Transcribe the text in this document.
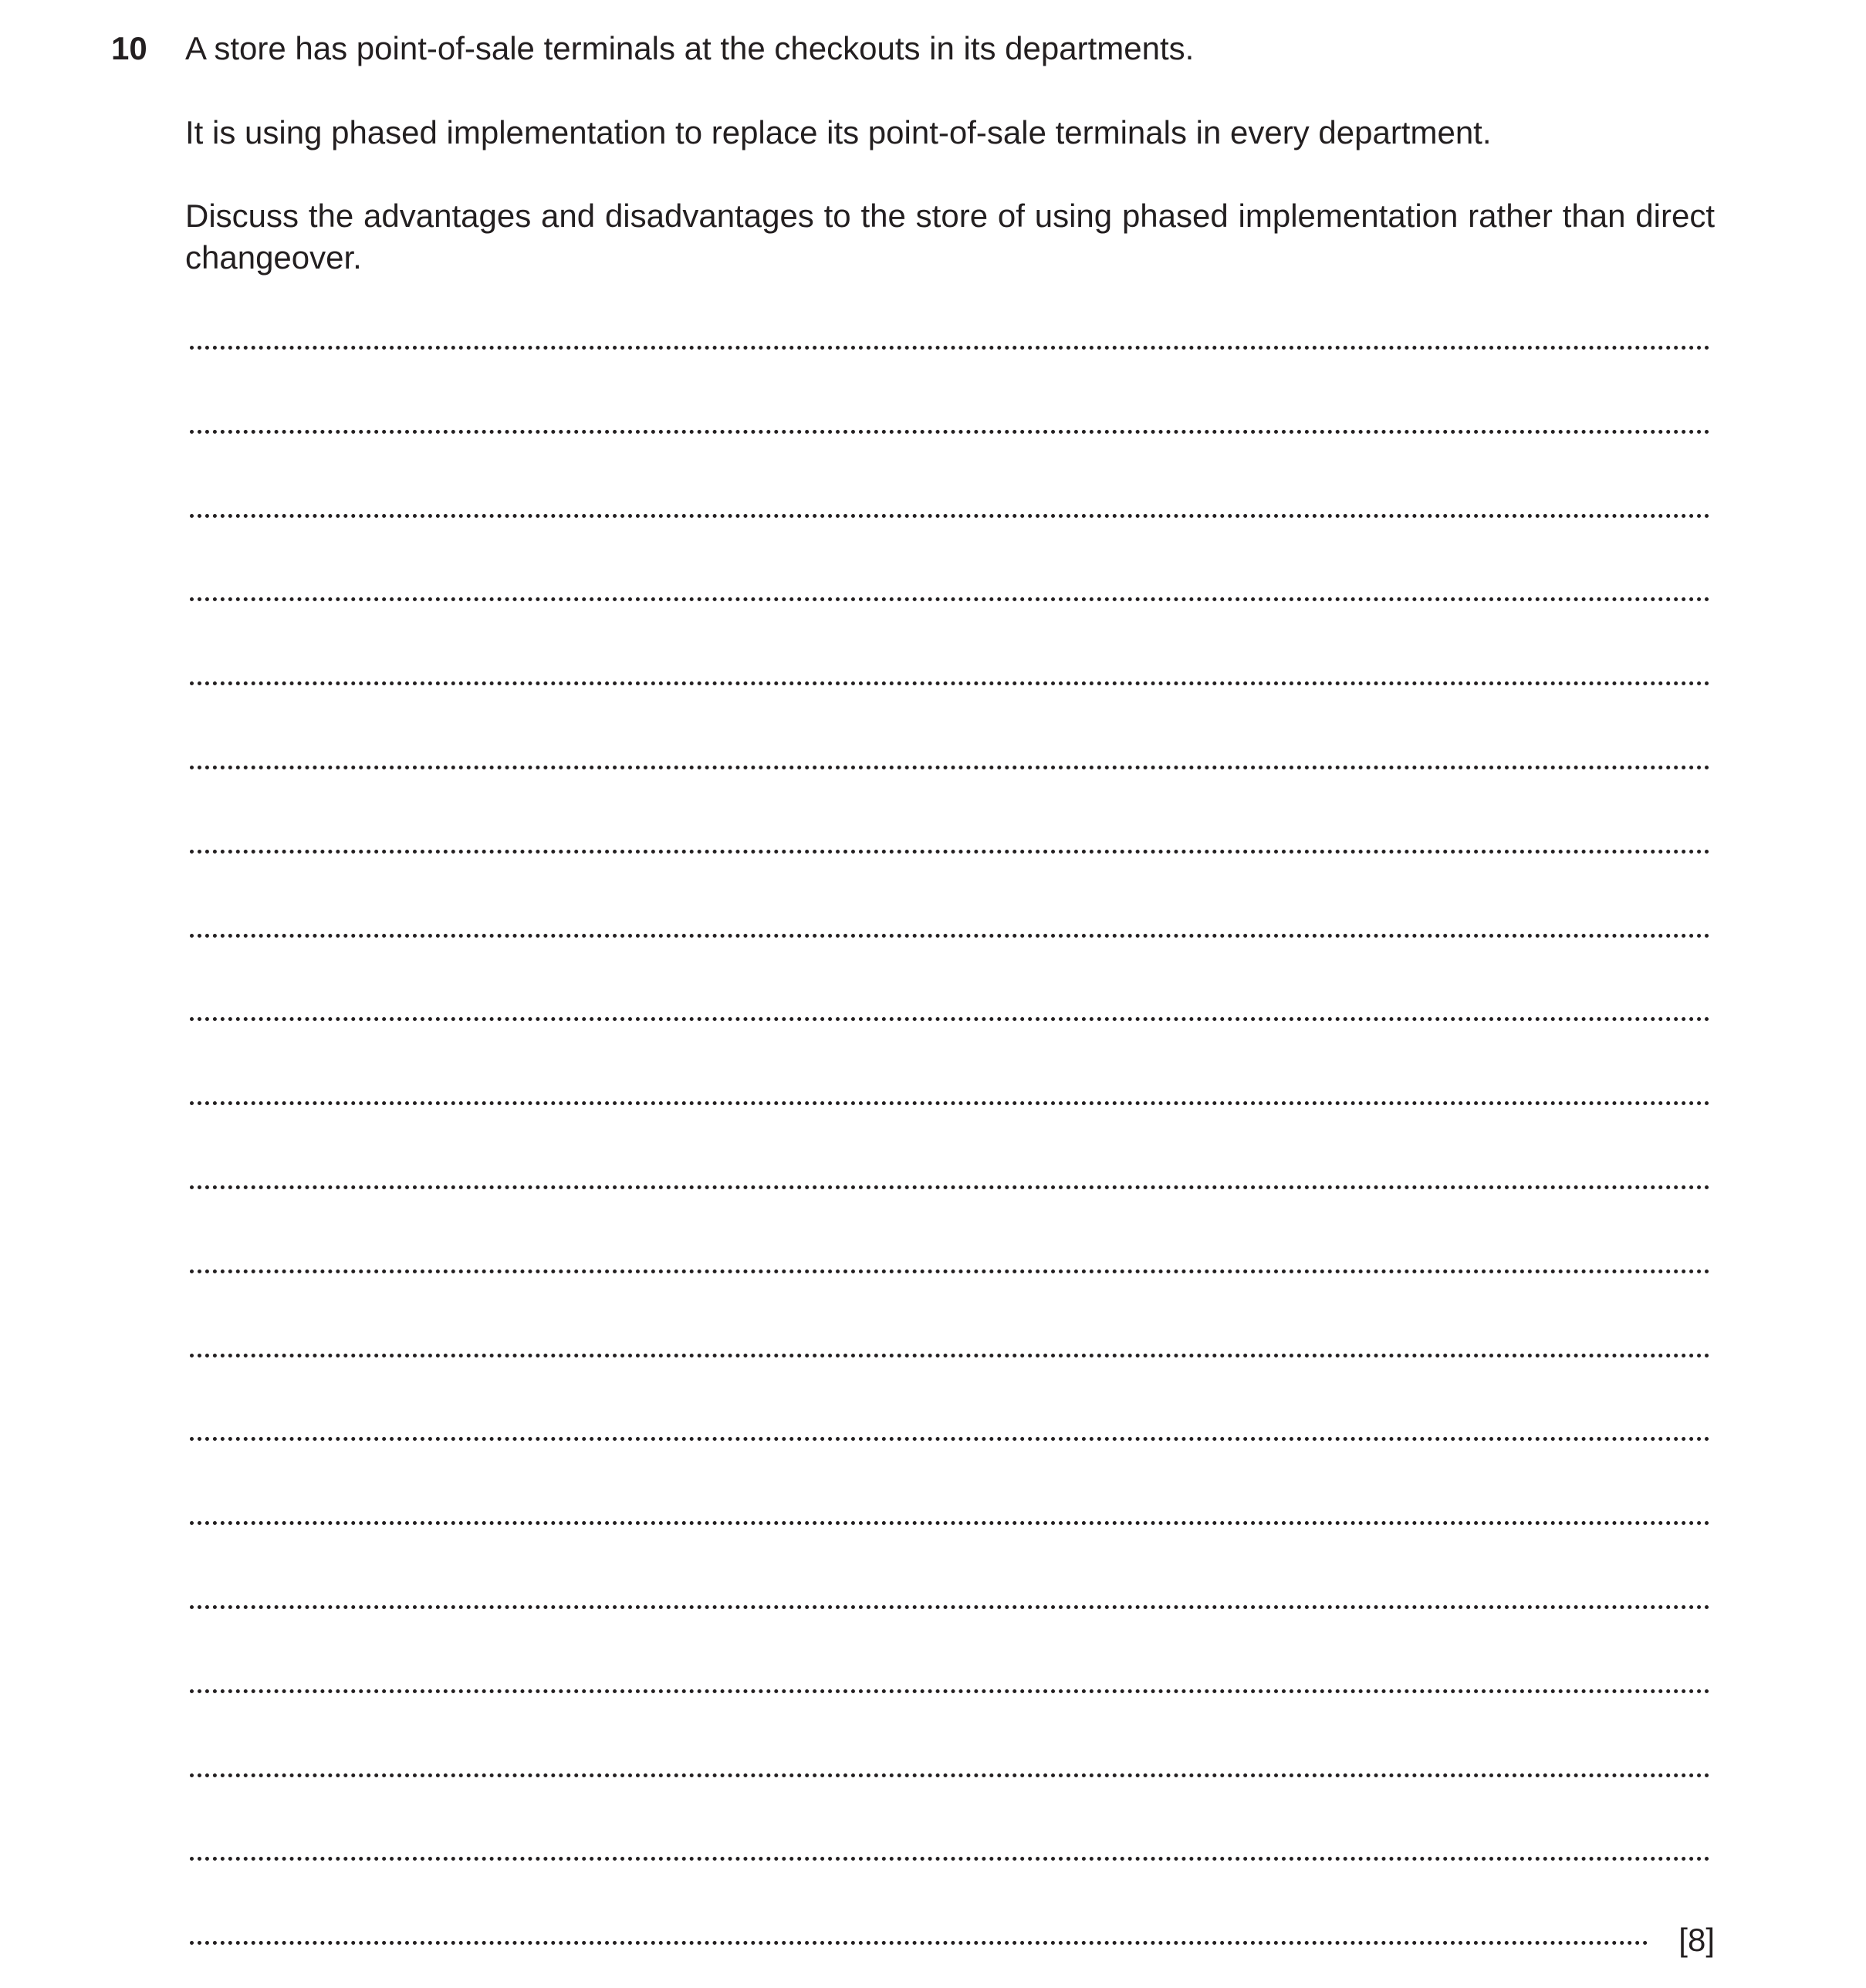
10 A store has point-of-sale terminals at the checkouts in its departments.

It is using phased implementation to replace its point-of-sale terminals in every department.

Discuss the advantages and disadvantages to the store of using phased implementation rather than direct changeover.

[8]
